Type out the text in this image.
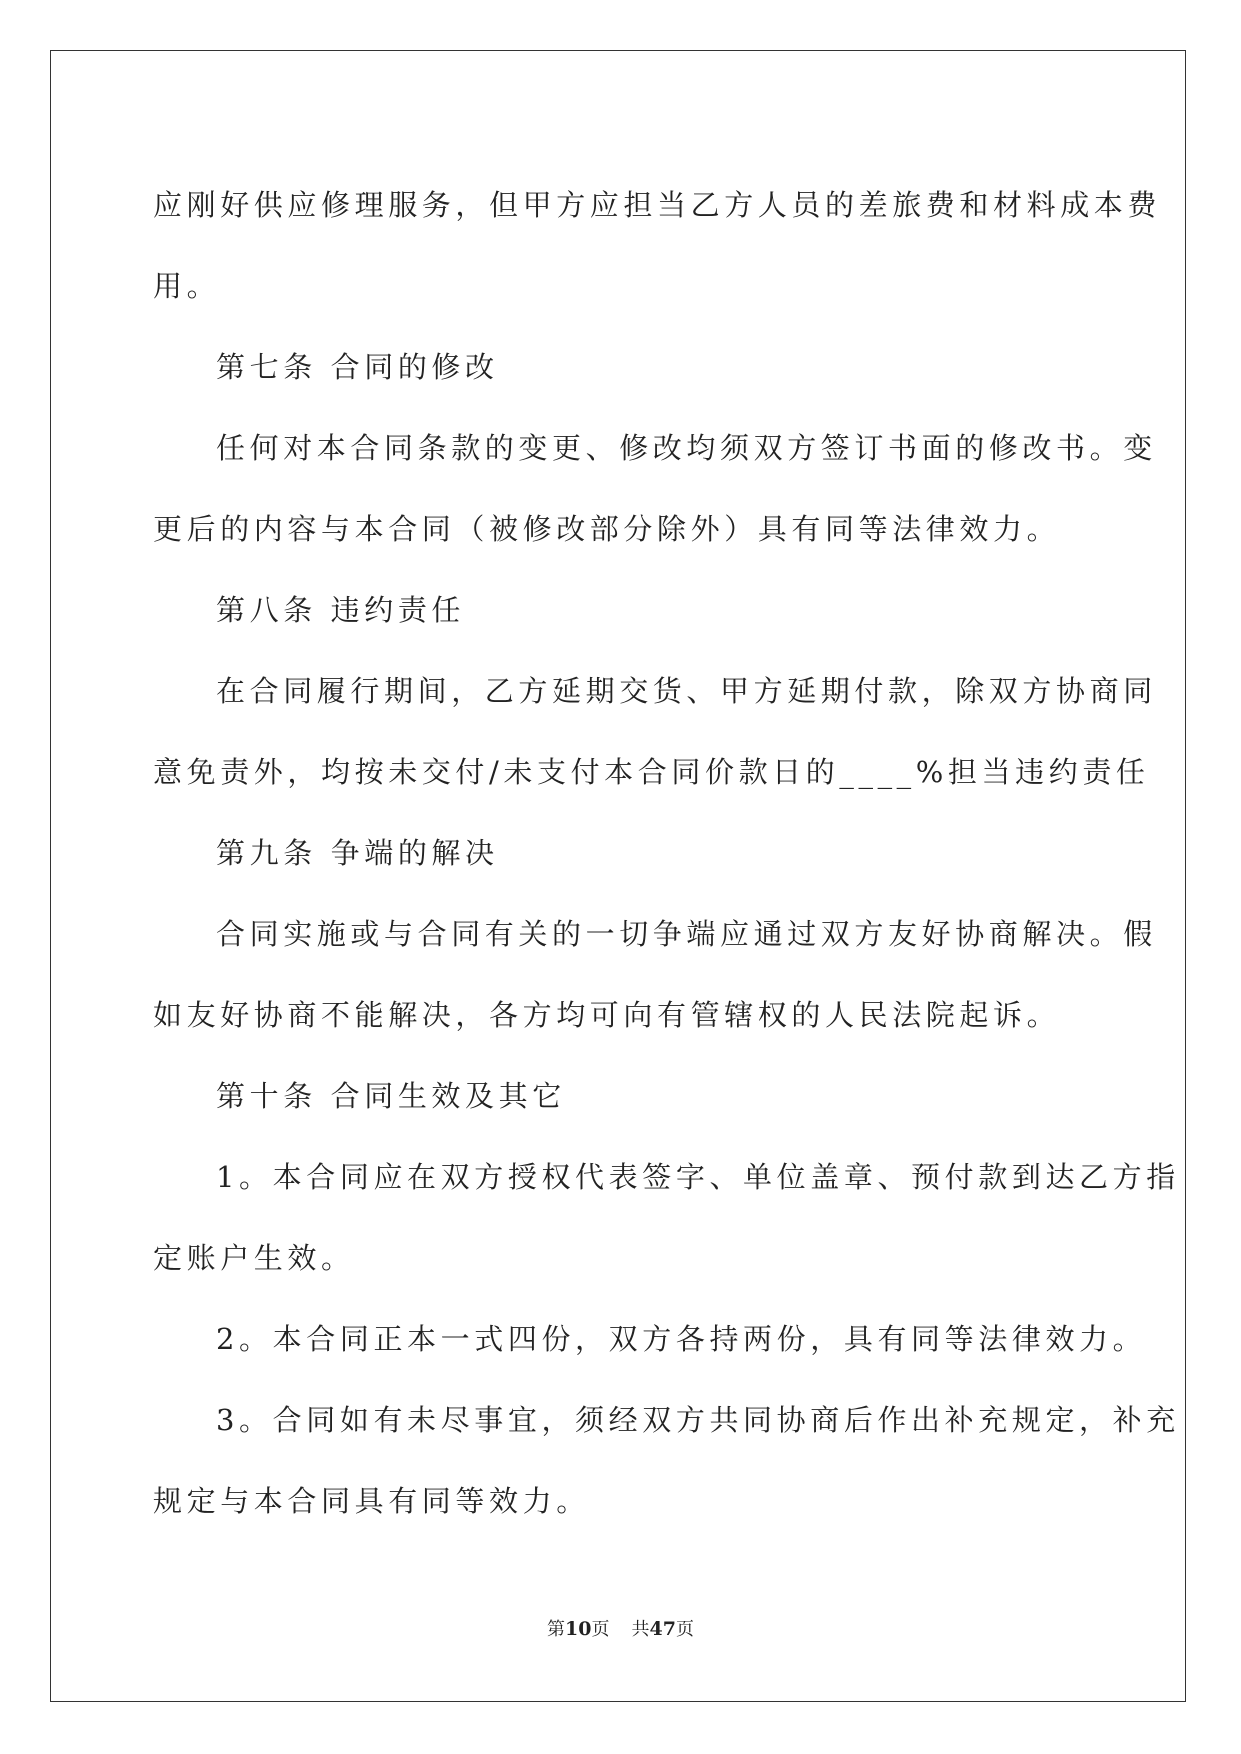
应刚好供应修理服务，但甲方应担当乙方人员的差旅费和材料成本费
用。

第七条 合同的修改

任何对本合同条款的变更、修改均须双方签订书面的修改书。变
更后的内容与本合同（被修改部分除外）具有同等法律效力。

第八条 违约责任

在合同履行期间，乙方延期交货、甲方延期付款，除双方协商同
意免责外，均按未交付/未支付本合同价款日的____%担当违约责任

第九条 争端的解决

合同实施或与合同有关的一切争端应通过双方友好协商解决。假
如友好协商不能解决，各方均可向有管辖权的人民法院起诉。

第十条 合同生效及其它

1。本合同应在双方授权代表签字、单位盖章、预付款到达乙方指
定账户生效。

2。本合同正本一式四份，双方各持两份，具有同等法律效力。

3。合同如有未尽事宜，须经双方共同协商后作出补充规定，补充
规定与本合同具有同等效力。

第10页 共47页
